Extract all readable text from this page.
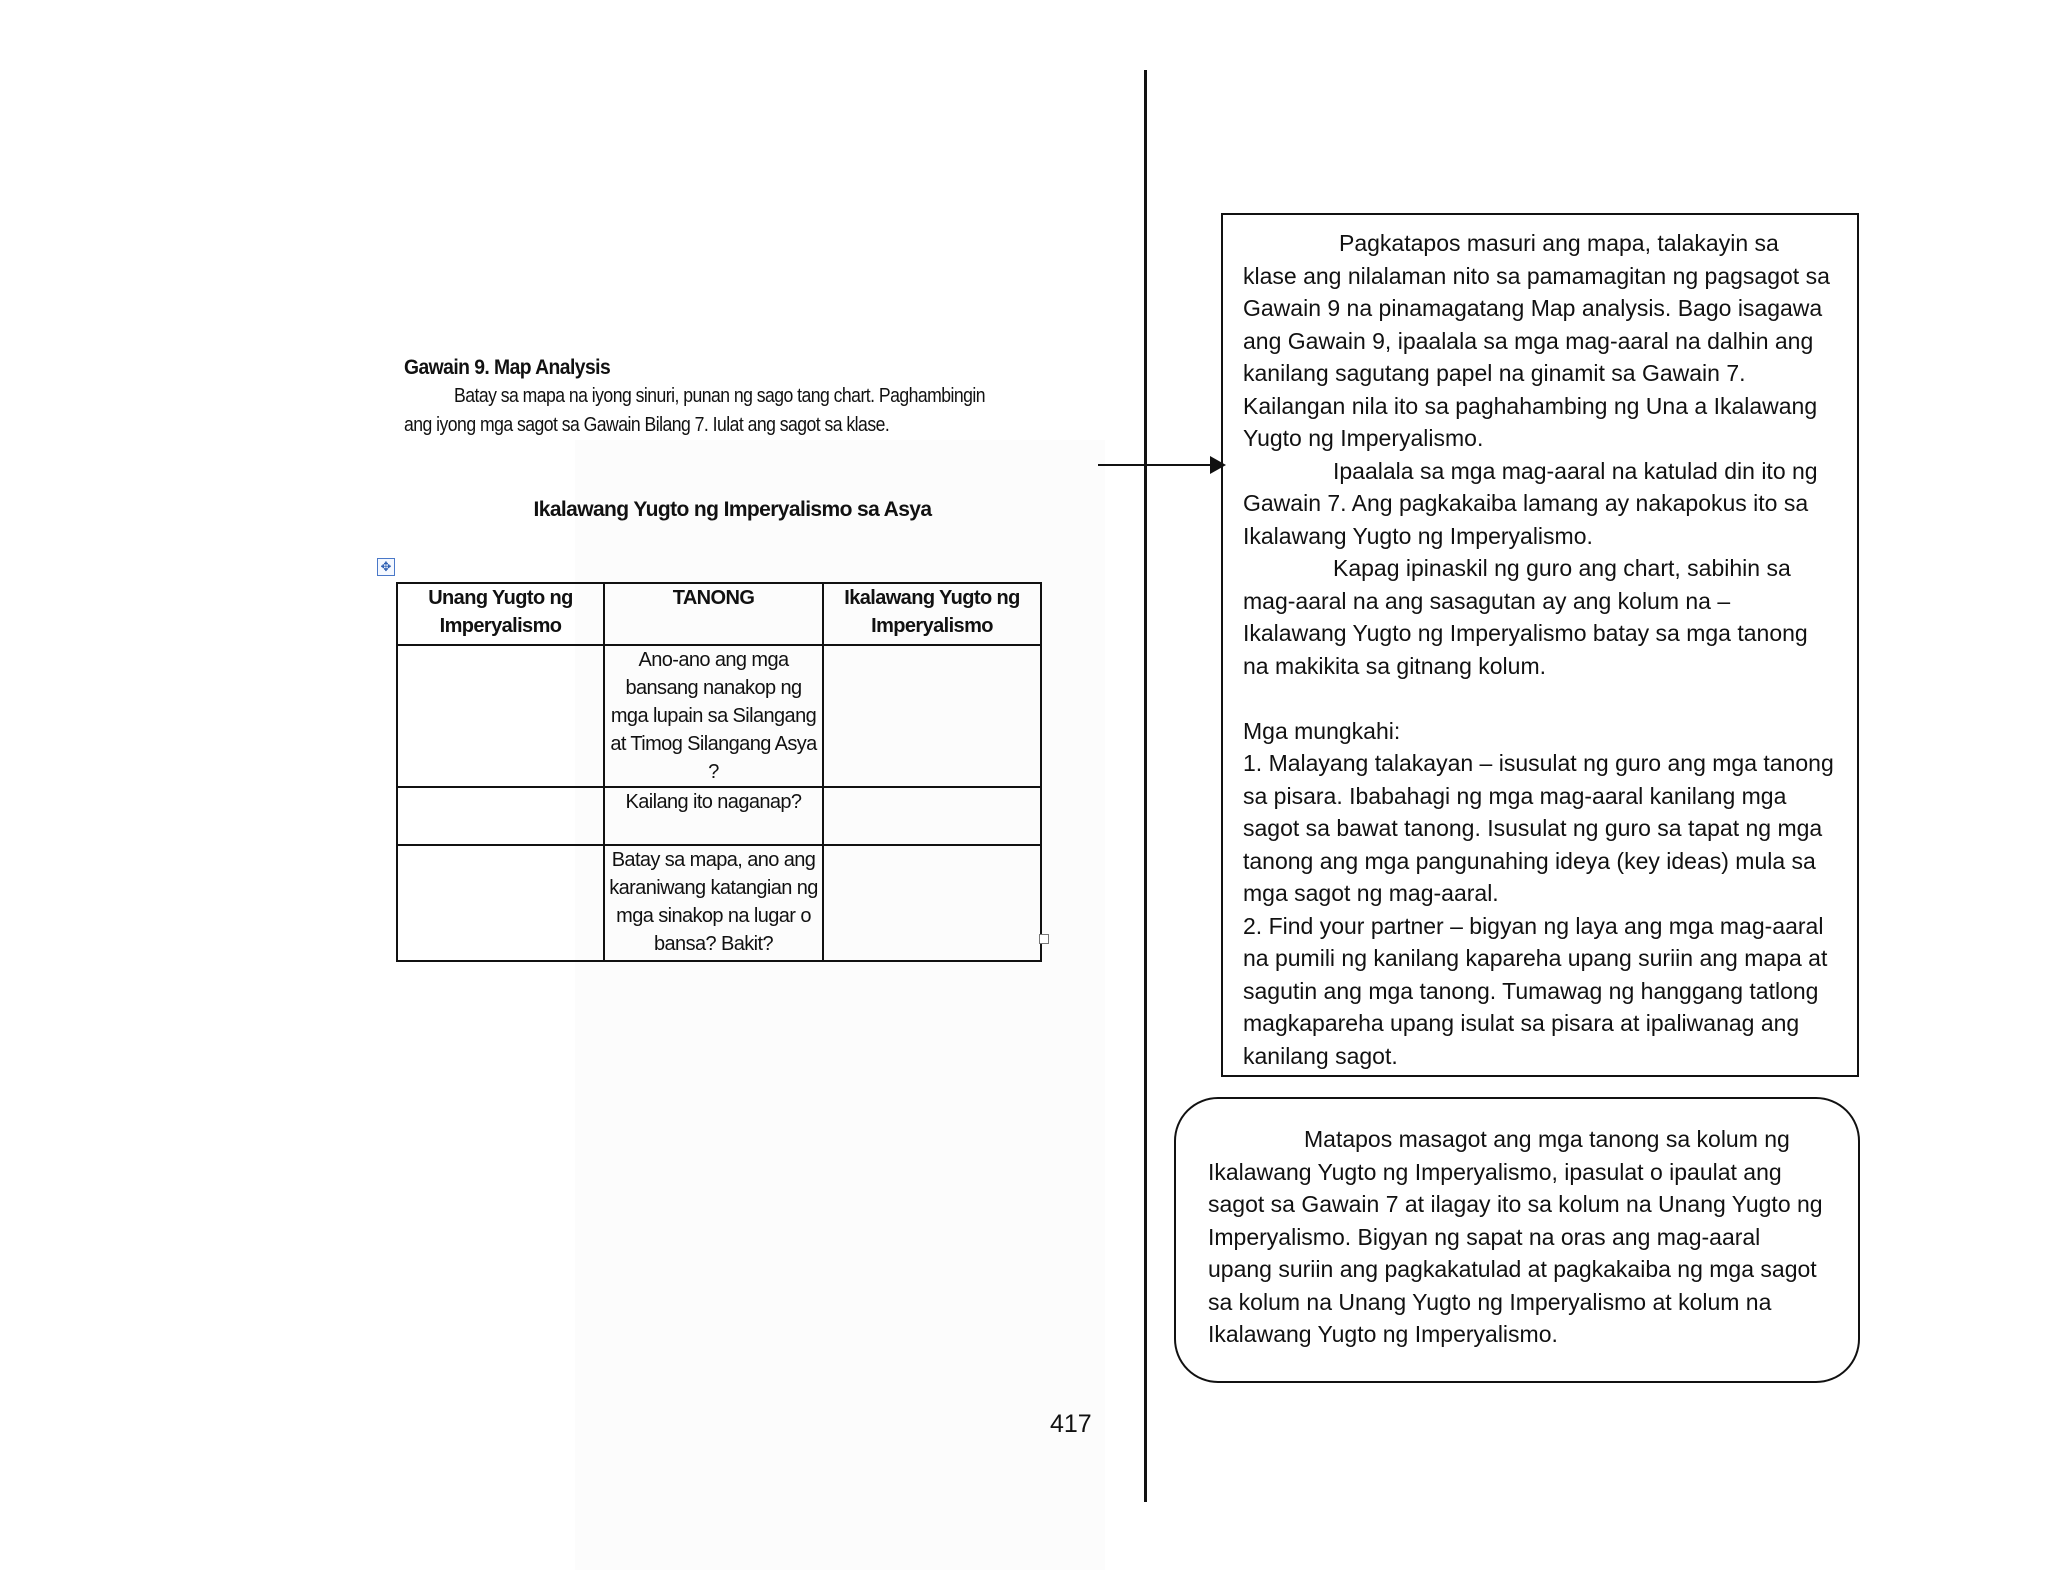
Gawain 9. Map Analysis
Batay sa mapa na iyong sinuri, punan ng sago tang chart. Paghambingin
ang iyong mga sagot sa Gawain Bilang 7. Iulat ang sagot sa klase.
Ikalawang Yugto ng Imperyalismo sa Asya
✥
Unang Yugto ng Imperyalismo	TANONG	Ikalawang Yugto ng Imperyalismo
	Ano-ano ang mga bansang nanakop ng mga lupain sa Silangang at Timog Silangang Asya ?	
	Kailang ito naganap?	
	Batay sa mapa, ano ang karaniwang katangian ng mga sinakop na lugar o bansa? Bakit?	

Pagkatapos masuri ang mapa, talakayin sa klase ang nilalaman nito sa pamamagitan ng pagsagot sa Gawain 9 na pinamagatang Map analysis. Bago isagawa ang Gawain 9, ipaalala sa mga mag-aaral na dalhin ang kanilang sagutang papel na ginamit sa Gawain 7. Kailangan nila ito sa paghahambing ng Una a Ikalawang Yugto ng Imperyalismo.

Ipaalala sa mga mag-aaral na katulad din ito ng Gawain 7. Ang pagkakaiba lamang ay nakapokus ito sa Ikalawang Yugto ng Imperyalismo.

Kapag ipinaskil ng guro ang chart, sabihin sa mag-aaral na ang sasagutan ay ang kolum na – Ikalawang Yugto ng Imperyalismo batay sa mga tanong na makikita sa gitnang kolum.

Mga mungkahi:

1. Malayang talakayan – isusulat ng guro ang mga tanong sa pisara. Ibabahagi ng mga mag-aaral kanilang mga sagot sa bawat tanong. Isusulat ng guro sa tapat ng mga tanong ang mga pangunahing ideya (key ideas) mula sa mga sagot ng mag-aaral.

2. Find your partner – bigyan ng laya ang mga mag-aaral na pumili ng kanilang kapareha upang suriin ang mapa at sagutin ang mga tanong. Tumawag ng hanggang tatlong magkapareha upang isulat sa pisara at ipaliwanag ang kanilang sagot.

Matapos masagot ang mga tanong sa kolum ng Ikalawang Yugto ng Imperyalismo, ipasulat o ipaulat ang sagot sa Gawain 7 at ilagay ito sa kolum na Unang Yugto ng Imperyalismo. Bigyan ng sapat na oras ang mag-aaral upang suriin ang pagkakatulad at pagkakaiba ng mga sagot sa kolum na Unang Yugto ng Imperyalismo at kolum na Ikalawang Yugto ng Imperyalismo.

417
